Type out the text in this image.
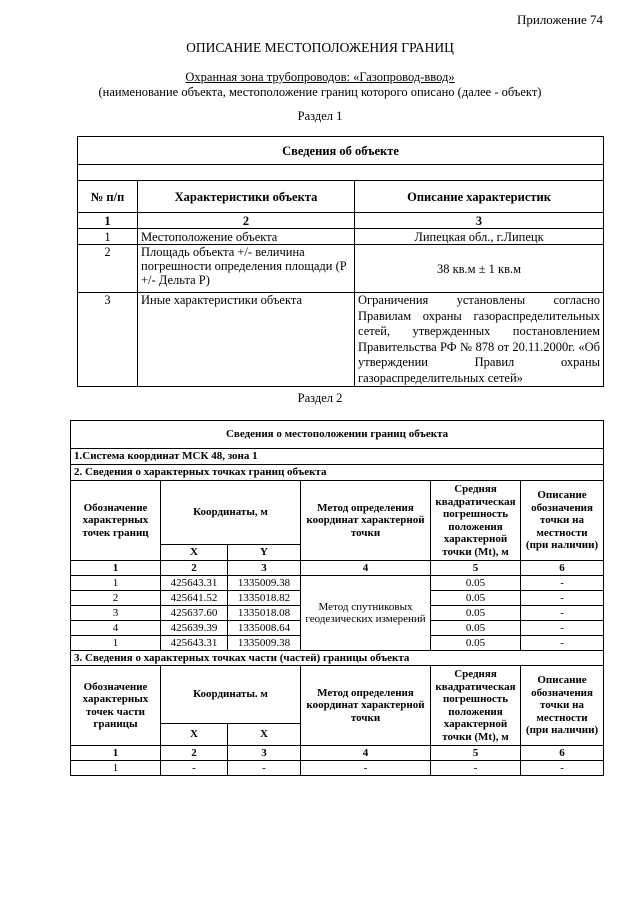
Приложение 74
ОПИСАНИЕ МЕСТОПОЛОЖЕНИЯ ГРАНИЦ
Охранная зона трубопроводов: «Газопровод-ввод»
(наименование объекта, местоположение границ которого описано (далее - объект)
Раздел 1
Сведения об объекте		

№ п/п	Характеристики объекта	Описание характеристик
1	2	3
1	Местоположение объекта	Липецкая обл., г.Липецк
2	Площадь объекта +/- величина погрешности определения площади (P +/- Дельта P)	38 кв.м ± 1 кв.м
3	Иные характеристики объекта	Ограничения установлены согласно Правилам охраны газораспределительных сетей, утвержденных постановлением Правительства РФ № 878 от 20.11.2000г. «Об утверждении Правил охраны газораспределительных сетей»
Раздел 2
Сведения о местоположении границ объекта					
1.Система координат МСК 48, зона 1					
2. Сведения о характерных точках границ объекта					
Обозначение характерных точек границ	Координаты, м		Метод определения координат характерной точки	Средняя квадратическая погрешность положения характерной точки (Mt), м	Описание обозначения точки на местности (при наличии)
	X	Y			
1	2	3	4	5	6
1	425643.31	1335009.38	Метод спутниковых геодезических измерений	0.05	-
2	425641.52	1335018.82		0.05	-
3	425637.60	1335018.08		0.05	-
4	425639.39	1335008.64		0.05	-
1	425643.31	1335009.38		0.05	-
3. Сведения о характерных точках части (частей) границы объекта					
Обозначение характерных точек части границы	Координаты. м		Метод определения координат характерной точки	Средняя квадратическая погрешность положения характерной точки (Mt), м	Описание обозначения точки на местности (при наличии)
	X	X			
1	2	3	4	5	6
1	-	-	-	-	-
